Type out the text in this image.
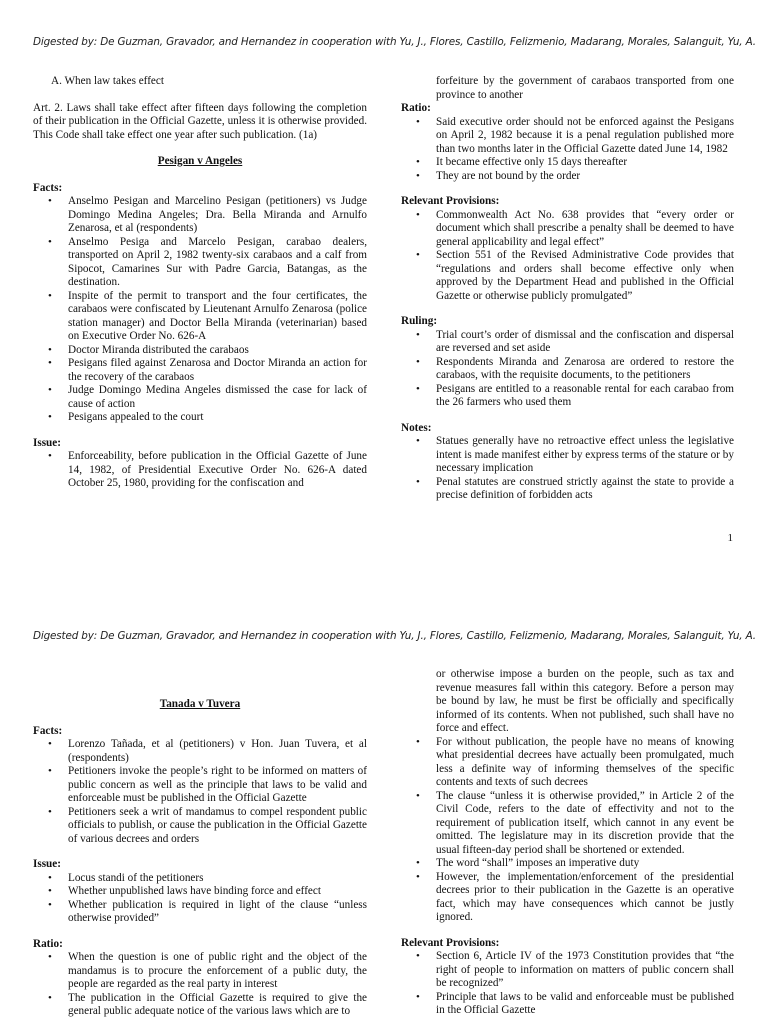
Digested by: De Guzman, Gravador, and Hernandez in cooperation with Yu, J., Flores, Castillo, Felizmenio, Madarang, Morales, Salanguit, Yu, A.

A. When law takes effect

Art. 2. Laws shall take effect after fifteen days following the completion of their publication in the Official Gazette, unless it is otherwise provided. This Code shall take effect one year after such publication. (1a)

Pesigan v Angeles

Facts:

• Anselmo Pesigan and Marcelino Pesigan (petitioners) vs Judge Domingo Medina Angeles; Dra. Bella Miranda and Arnulfo Zenarosa, et al (respondents)
• Anselmo Pesiga and Marcelo Pesigan, carabao dealers, transported on April 2, 1982 twenty-six carabaos and a calf from Sipocot, Camarines Sur with Padre Garcia, Batangas, as the destination.
• Inspite of the permit to transport and the four certificates, the carabaos were confiscated by Lieutenant Arnulfo Zenarosa (police station manager) and Doctor Bella Miranda (veterinarian) based on Executive Order No. 626-A
• Doctor Miranda distributed the carabaos
• Pesigans filed against Zenarosa and Doctor Miranda an action for the recovery of the carabaos
• Judge Domingo Medina Angeles dismissed the case for lack of cause of action
• Pesigans appealed to the court

Issue:

• Enforceability, before publication in the Official Gazette of June 14, 1982, of Presidential Executive Order No. 626-A dated October 25, 1980, providing for the confiscation and

forfeiture by the government of carabaos transported from one province to another

Ratio:

• Said executive order should not be enforced against the Pesigans on April 2, 1982 because it is a penal regulation published more than two months later in the Official Gazette dated June 14, 1982
• It became effective only 15 days thereafter
• They are not bound by the order

Relevant Provisions:

• Commonwealth Act No. 638 provides that “every order or document which shall prescribe a penalty shall be deemed to have general applicability and legal effect”
• Section 551 of the Revised Administrative Code provides that “regulations and orders shall become effective only when approved by the Department Head and published in the Official Gazette or otherwise publicly promulgated”

Ruling:

• Trial court’s order of dismissal and the confiscation and dispersal are reversed and set aside
• Respondents Miranda and Zenarosa are ordered to restore the carabaos, with the requisite documents, to the petitioners
• Pesigans are entitled to a reasonable rental for each carabao from the 26 farmers who used them

Notes:

• Statues generally have no retroactive effect unless the legislative intent is made manifest either by express terms of the stature or by necessary implication
• Penal statutes are construed strictly against the state to provide a precise definition of forbidden acts
1
Digested by: De Guzman, Gravador, and Hernandez in cooperation with Yu, J., Flores, Castillo, Felizmenio, Madarang, Morales, Salanguit, Yu, A.

Tanada v Tuvera

Facts:

• Lorenzo Tañada, et al (petitioners) v Hon. Juan Tuvera, et al (respondents)
• Petitioners invoke the people’s right to be informed on matters of public concern as well as the principle that laws to be valid and enforceable must be published in the Official Gazette
• Petitioners seek a writ of mandamus to compel respondent public officials to publish, or cause the publication in the Official Gazette of various decrees and orders

Issue:

• Locus standi of the petitioners
• Whether unpublished laws have binding force and effect
• Whether publication is required in light of the clause “unless otherwise provided”

Ratio:

• When the question is one of public right and the object of the mandamus is to procure the enforcement of a public duty, the people are regarded as the real party in interest
• The publication in the Official Gazette is required to give the general public adequate notice of the various laws which are to

or otherwise impose a burden on the people, such as tax and revenue measures fall within this category. Before a person may be bound by law, he must be first be officially and specifically informed of its contents. When not published, such shall have no force and effect.

• For without publication, the people have no means of knowing what presidential decrees have actually been promulgated, much less a definite way of informing themselves of the specific contents and texts of such decrees
• The clause “unless it is otherwise provided,” in Article 2 of the Civil Code, refers to the date of effectivity and not to the requirement of publication itself, which cannot in any event be omitted. The legislature may in its discretion provide that the usual fifteen-day period shall be shortened or extended.
• The word “shall” imposes an imperative duty
• However, the implementation/enforcement of the presidential decrees prior to their publication in the Gazette is an operative fact, which may have consequences which cannot be justly ignored.

Relevant Provisions:

• Section 6, Article IV of the 1973 Constitution provides that “the right of people to information on matters of public concern shall be recognized”
• Principle that laws to be valid and enforceable must be published in the Official Gazette
